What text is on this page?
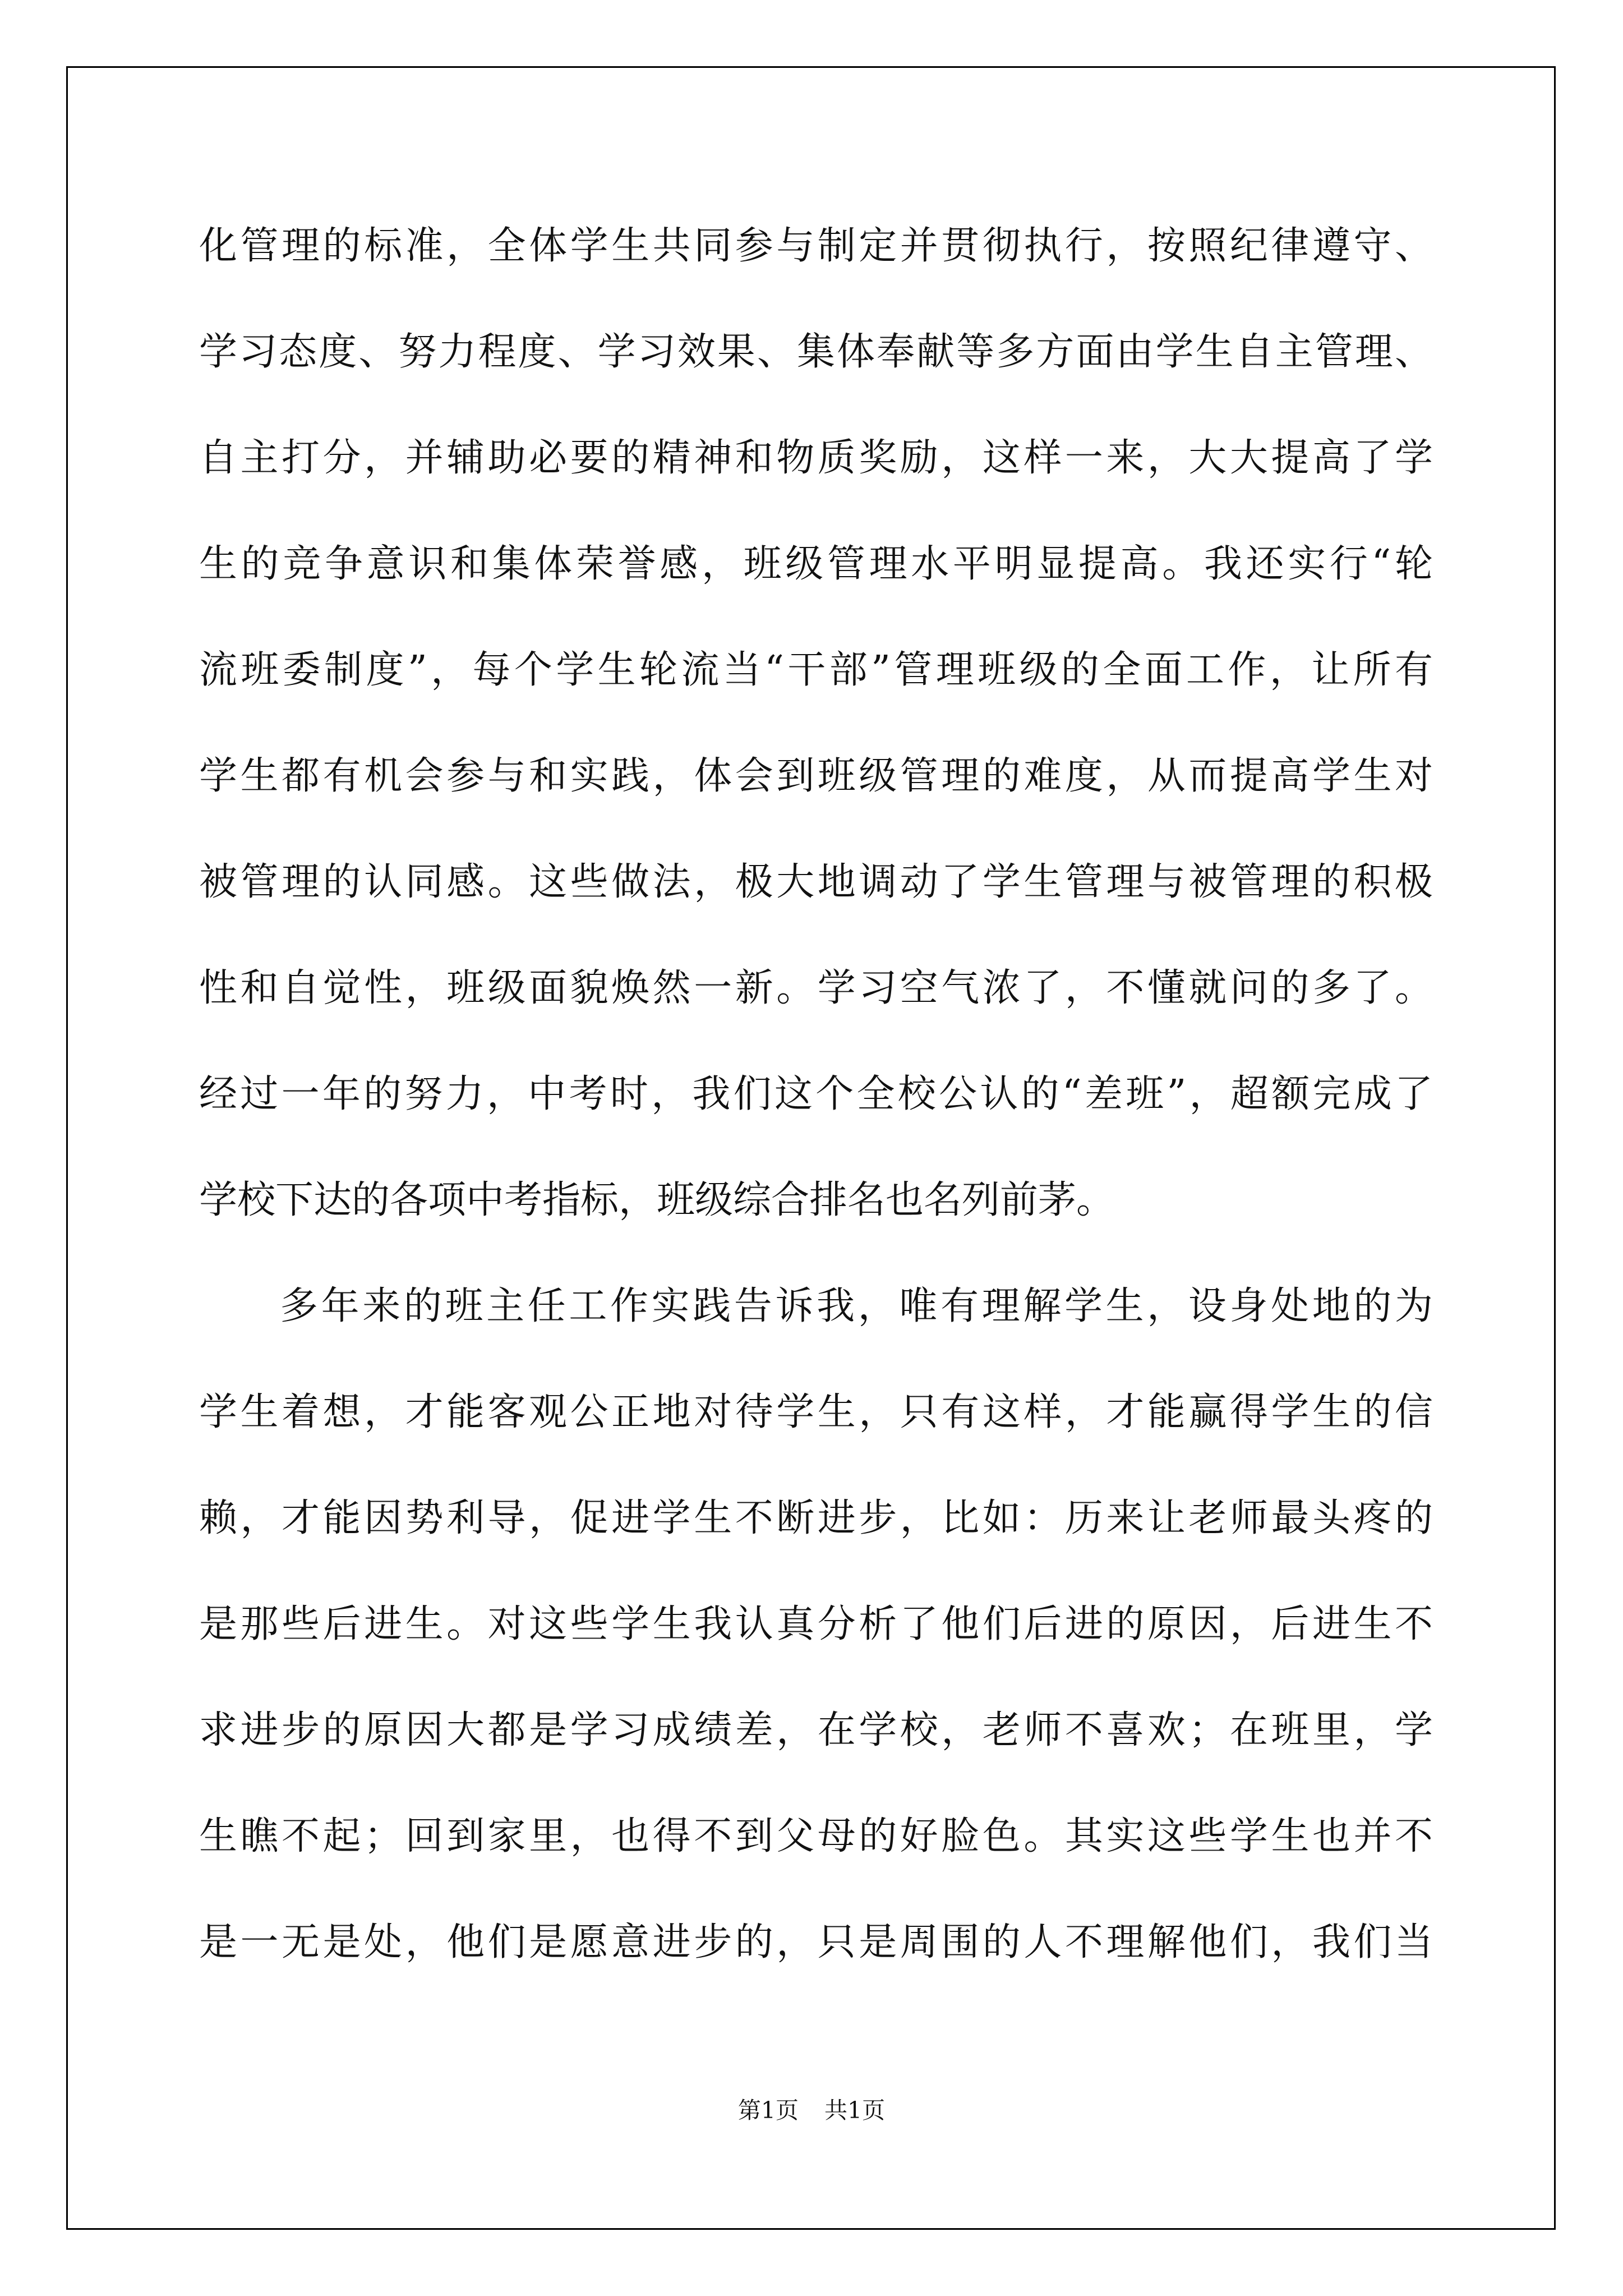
化管理的标准，全体学生共同参与制定并贯彻执行，按照纪律遵守、
学习态度、努力程度、学习效果、集体奉献等多方面由学生自主管理、
自主打分，并辅助必要的精神和物质奖励，这样一来，大大提高了学
生的竞争意识和集体荣誉感，班级管理水平明显提高。我还实行“轮
流班委制度”，每个学生轮流当“干部”管理班级的全面工作，让所有
学生都有机会参与和实践，体会到班级管理的难度，从而提高学生对
被管理的认同感。这些做法，极大地调动了学生管理与被管理的积极
性和自觉性，班级面貌焕然一新。学习空气浓了，不懂就问的多了。
经过一年的努力，中考时，我们这个全校公认的“差班”，超额完成了
学校下达的各项中考指标，班级综合排名也名列前茅。
多年来的班主任工作实践告诉我，唯有理解学生，设身处地的为
学生着想，才能客观公正地对待学生，只有这样，才能赢得学生的信
赖，才能因势利导，促进学生不断进步，比如：历来让老师最头疼的
是那些后进生。对这些学生我认真分析了他们后进的原因，后进生不
求进步的原因大都是学习成绩差，在学校，老师不喜欢；在班里，学
生瞧不起；回到家里，也得不到父母的好脸色。其实这些学生也并不
是一无是处，他们是愿意进步的，只是周围的人不理解他们，我们当
第1页 共1页
